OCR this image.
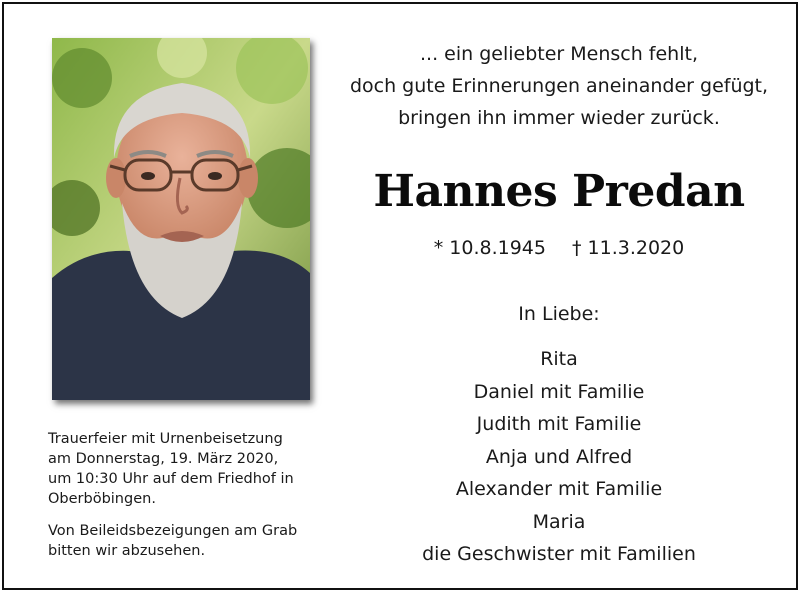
Trauerfeier mit Urnenbeisetzung
am Donnerstag, 19. März 2020,
um 10:30 Uhr auf dem Friedhof in
Oberböbingen.
Von Beileidsbezeigungen am Grab
bitten wir abzusehen.
... ein geliebter Mensch fehlt,
doch gute Erinnerungen aneinander gefügt,
bringen ihn immer wieder zurück.
Hannes Predan
* 10.8.1945 † 11.3.2020
In Liebe:
Rita
Daniel mit Familie
Judith mit Familie
Anja und Alfred
Alexander mit Familie
Maria
die Geschwister mit Familien
